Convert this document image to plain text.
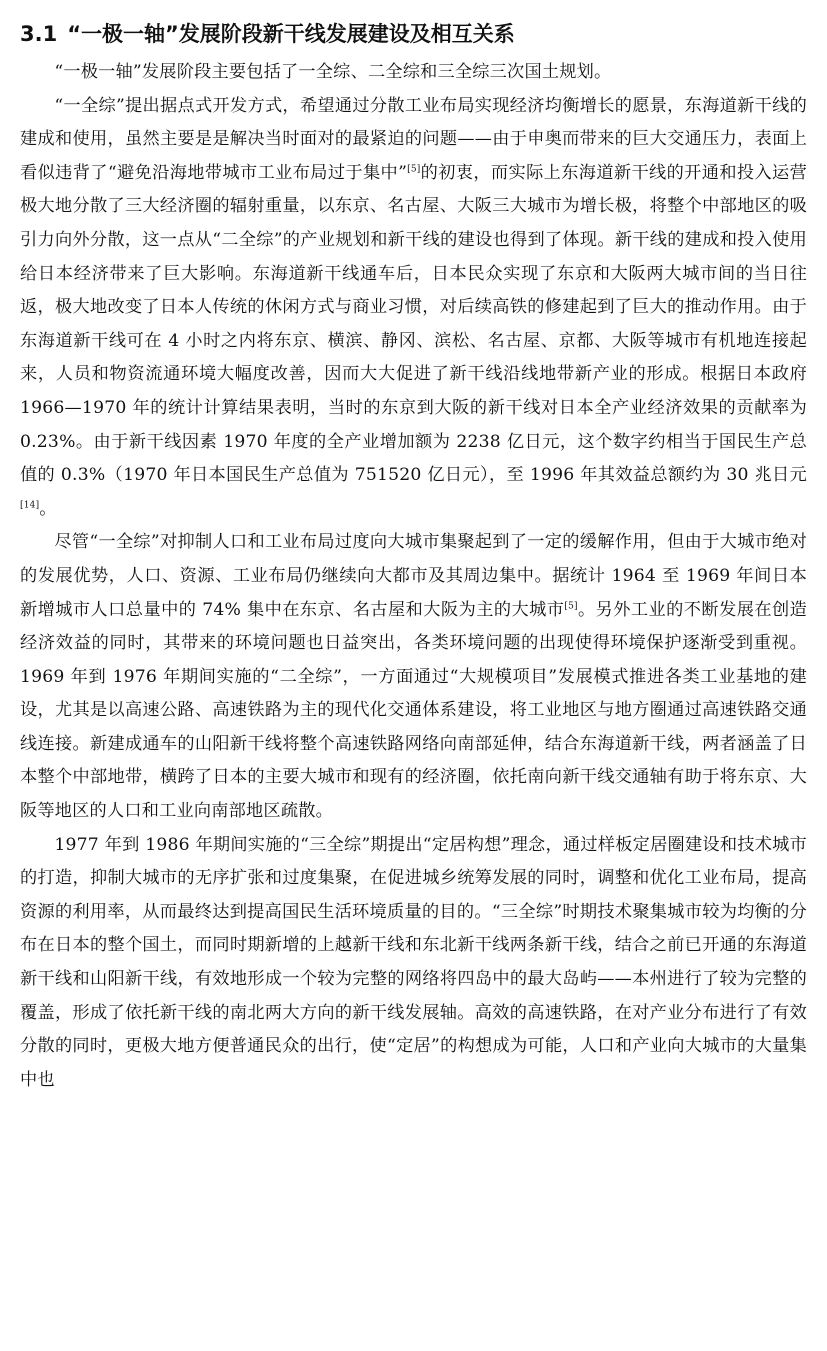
3.1 “一极一轴”发展阶段新干线发展建设及相互关系

“一极一轴”发展阶段主要包括了一全综、二全综和三全综三次国土规划。

“一全综”提出据点式开发方式，希望通过分散工业布局实现经济均衡增长的愿景，东海道新干线的建成和使用，虽然主要是是解决当时面对的最紧迫的问题——由于申奥而带来的巨大交通压力，表面上看似违背了“避免沿海地带城市工业布局过于集中”[5]的初衷，而实际上东海道新干线的开通和投入运营极大地分散了三大经济圈的辐射重量，以东京、名古屋、大阪三大城市为增长极，将整个中部地区的吸引力向外分散，这一点从“二全综”的产业规划和新干线的建设也得到了体现。新干线的建成和投入使用给日本经济带来了巨大影响。东海道新干线通车后，日本民众实现了东京和大阪两大城市间的当日往返，极大地改变了日本人传统的休闲方式与商业习惯，对后续高铁的修建起到了巨大的推动作用。由于东海道新干线可在 4 小时之内将东京、横滨、静冈、滨松、名古屋、京都、大阪等城市有机地连接起来，人员和物资流通环境大幅度改善，因而大大促进了新干线沿线地带新产业的形成。根据日本政府 1966—1970 年的统计计算结果表明，当时的东京到大阪的新干线对日本全产业经济效果的贡献率为 0.23%。由于新干线因素 1970 年度的全产业增加额为 2238 亿日元，这个数字约相当于国民生产总值的 0.3%（1970 年日本国民生产总值为 751520 亿日元），至 1996 年其效益总额约为 30 兆日元[14]。

尽管“一全综”对抑制人口和工业布局过度向大城市集聚起到了一定的缓解作用，但由于大城市绝对的发展优势，人口、资源、工业布局仍继续向大都市及其周边集中。据统计 1964 至 1969 年间日本新增城市人口总量中的 74% 集中在东京、名古屋和大阪为主的大城市[5]。另外工业的不断发展在创造经济效益的同时，其带来的环境问题也日益突出，各类环境问题的出现使得环境保护逐渐受到重视。1969 年到 1976 年期间实施的“二全综”，一方面通过“大规模项目”发展模式推进各类工业基地的建设，尤其是以高速公路、高速铁路为主的现代化交通体系建设，将工业地区与地方圈通过高速铁路交通线连接。新建成通车的山阳新干线将整个高速铁路网络向南部延伸，结合东海道新干线，两者涵盖了日本整个中部地带，横跨了日本的主要大城市和现有的经济圈，依托南向新干线交通轴有助于将东京、大阪等地区的人口和工业向南部地区疏散。

1977 年到 1986 年期间实施的“三全综”期提出“定居构想”理念，通过样板定居圈建设和技术城市的打造，抑制大城市的无序扩张和过度集聚，在促进城乡统筹发展的同时，调整和优化工业布局，提高资源的利用率，从而最终达到提高国民生活环境质量的目的。“三全综”时期技术聚集城市较为均衡的分布在日本的整个国土，而同时期新增的上越新干线和东北新干线两条新干线，结合之前已开通的东海道新干线和山阳新干线，有效地形成一个较为完整的网络将四岛中的最大岛屿——本州进行了较为完整的覆盖，形成了依托新干线的南北两大方向的新干线发展轴。高效的高速铁路，在对产业分布进行了有效分散的同时，更极大地方便普通民众的出行，使“定居”的构想成为可能，人口和产业向大城市的大量集中也
